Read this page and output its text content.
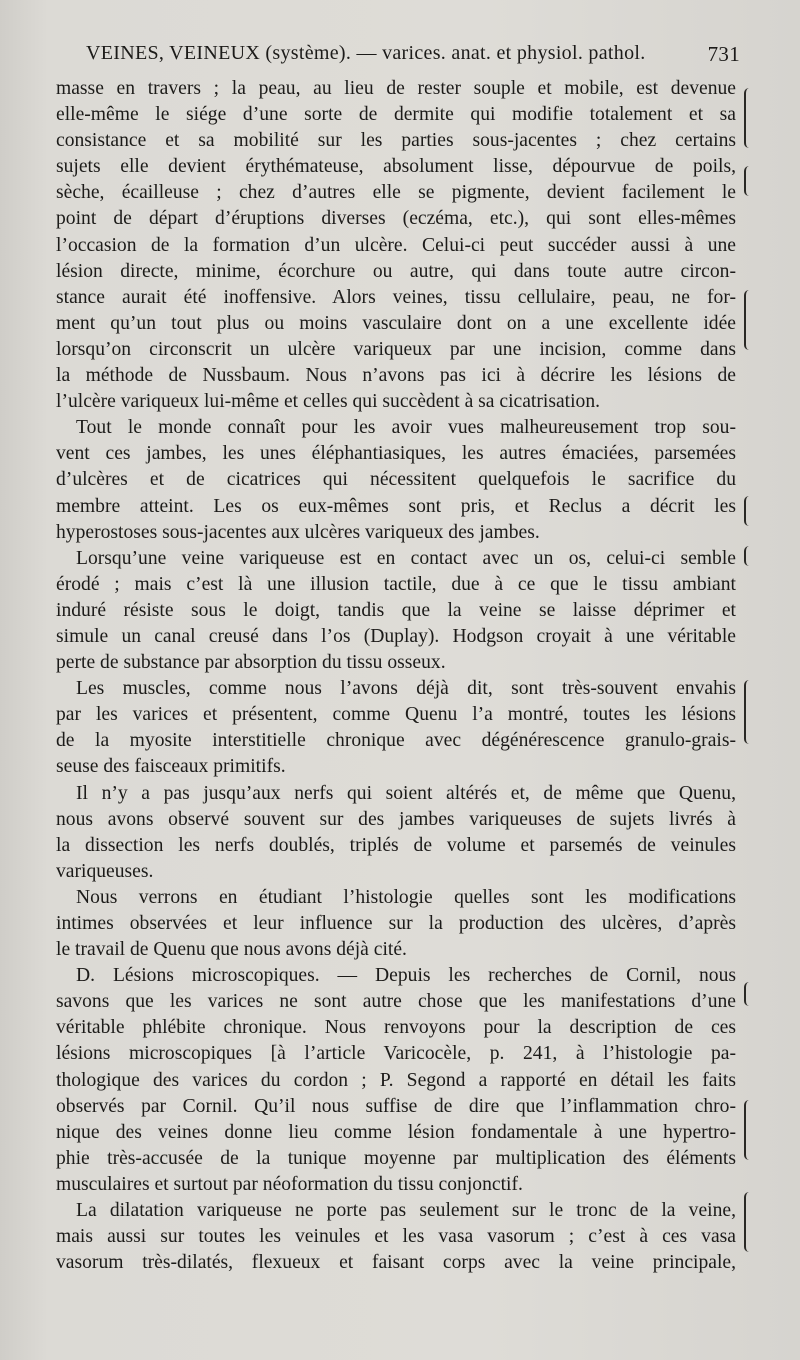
VEINES, VEINEUX (système). — varices. anat. et physiol. pathol.	731
masse en travers ; la peau, au lieu de rester souple et mobile, est devenue
elle-même le siége d’une sorte de dermite qui modifie totalement et sa
consistance et sa mobilité sur les parties sous-jacentes ; chez certains
sujets elle devient érythémateuse, absolument lisse, dépourvue de poils,
sèche, écailleuse ; chez d’autres elle se pigmente, devient facilement le
point de départ d’éruptions diverses (eczéma, etc.), qui sont elles-mêmes
l’occasion de la formation d’un ulcère. Celui-ci peut succéder aussi à une
lésion directe, minime, écorchure ou autre, qui dans toute autre circon-
stance aurait été inoffensive. Alors veines, tissu cellulaire, peau, ne for-
ment qu’un tout plus ou moins vasculaire dont on a une excellente idée
lorsqu’on circonscrit un ulcère variqueux par une incision, comme dans
la méthode de Nussbaum. Nous n’avons pas ici à décrire les lésions de
l’ulcère variqueux lui-même et celles qui succèdent à sa cicatrisation.
Tout le monde connaît pour les avoir vues malheureusement trop sou-
vent ces jambes, les unes éléphantiasiques, les autres émaciées, parsemées
d’ulcères et de cicatrices qui nécessitent quelquefois le sacrifice du
membre atteint. Les os eux-mêmes sont pris, et Reclus a décrit les
hyperostoses sous-jacentes aux ulcères variqueux des jambes.
Lorsqu’une veine variqueuse est en contact avec un os, celui-ci semble
érodé ; mais c’est là une illusion tactile, due à ce que le tissu ambiant
induré résiste sous le doigt, tandis que la veine se laisse déprimer et
simule un canal creusé dans l’os (Duplay). Hodgson croyait à une véritable
perte de substance par absorption du tissu osseux.
Les muscles, comme nous l’avons déjà dit, sont très-souvent envahis
par les varices et présentent, comme Quenu l’a montré, toutes les lésions
de la myosite interstitielle chronique avec dégénérescence granulo-grais-
seuse des faisceaux primitifs.
Il n’y a pas jusqu’aux nerfs qui soient altérés et, de même que Quenu,
nous avons observé souvent sur des jambes variqueuses de sujets livrés à
la dissection les nerfs doublés, triplés de volume et parsemés de veinules
variqueuses.
Nous verrons en étudiant l’histologie quelles sont les modifications
intimes observées et leur influence sur la production des ulcères, d’après
le travail de Quenu que nous avons déjà cité.
D. Lésions microscopiques. — Depuis les recherches de Cornil, nous
savons que les varices ne sont autre chose que les manifestations d’une
véritable phlébite chronique. Nous renvoyons pour la description de ces
lésions microscopiques [à l’article Varicocèle, p. 241, à l’histologie pa-
thologique des varices du cordon ; P. Segond a rapporté en détail les faits
observés par Cornil. Qu’il nous suffise de dire que l’inflammation chro-
nique des veines donne lieu comme lésion fondamentale à une hypertro-
phie très-accusée de la tunique moyenne par multiplication des éléments
musculaires et surtout par néoformation du tissu conjonctif.
La dilatation variqueuse ne porte pas seulement sur le tronc de la veine,
mais aussi sur toutes les veinules et les vasa vasorum ; c’est à ces vasa
vasorum très-dilatés, flexueux et faisant corps avec la veine principale,
